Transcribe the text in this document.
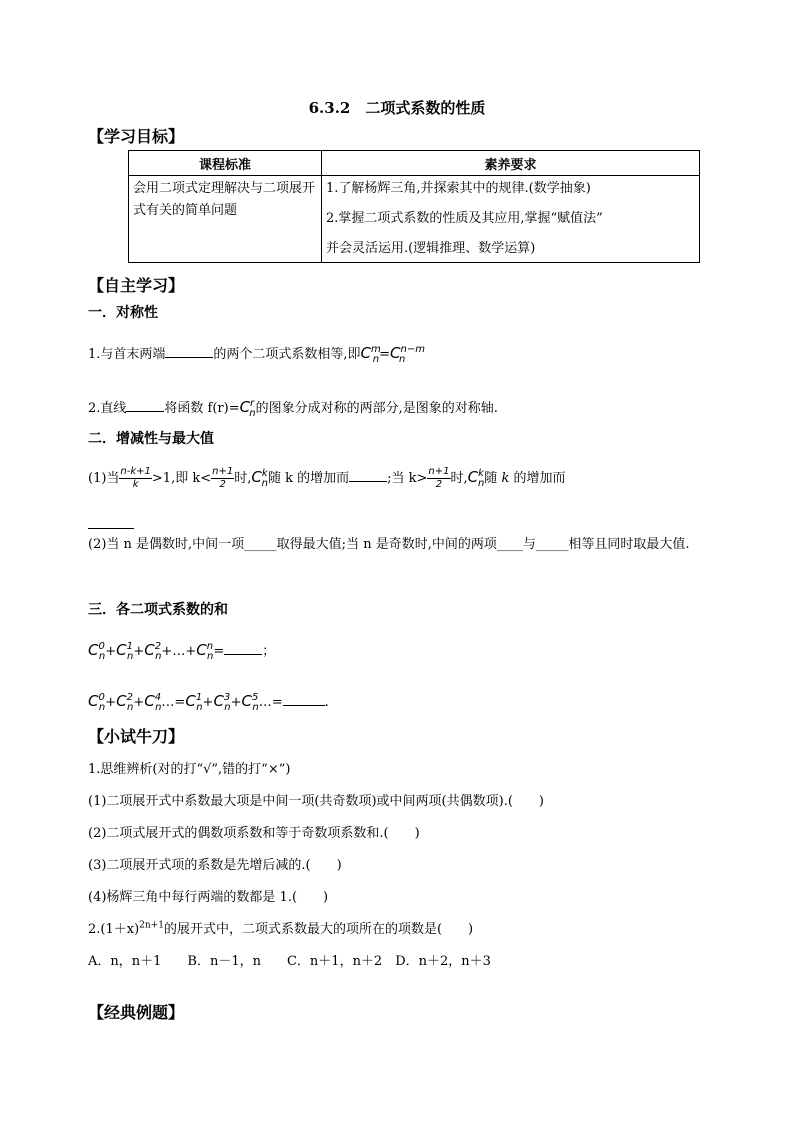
6.3.2　二项式系数的性质
【学习目标】
课程标准	素养要求
会用二项式定理解决与二项展开式有关的简单问题	1.了解杨辉三角,并探索其中的规律.(数学抽象)
2.掌握二项式系数的性质及其应用,掌握“赋值法”
并会灵活运用.(逻辑推理、数学运算)
【自主学习】
一．对称性
1.与首末两端	的两个二项式系数相等,即$C^m_n=C^{n-m}_n$
2.直线	将函数 $f(r)=C^r_n$的图象分成对称的两部分,是图象的对称轴.
二．增减性与最大值
(1)当 $\frac{n-k+1}{k} >1$,即 $k< \frac{n+1}{2}$ 时$,C^k_n$随 k 的增加而	;当 $k> \frac{n+1}{2}$ 时$,C^k_n$随 k 的增加而
(2)当 n 是偶数时,中间一项_____取得最大值;当 n 是奇数时,中间的两项____与_____相等且同时取最大值.
三．各二项式系数的和
$C^0_n+C^1_n+C^2_n+\dots+C^n_n=$	；
$C^0_n+C^2_n+C^4_n\dots=C^1_n+C^3_n+C^5_n\dots=$	.
【小试牛刀】
1.思维辨析(对的打“√”,错的打“×”)
(1)二项展开式中系数最大项是中间一项(共奇数项)或中间两项(共偶数项).(　　)
(2)二项式展开式的偶数项系数和等于奇数项系数和.(　　)
(3)二项展开式项的系数是先增后减的.(　　)
(4)杨辉三角中每行两端的数都是 1.(　　)
$2.(1+x)^{2n+1}$的展开式中，二项式系数最大的项所在的项数是(　　)
A．n，n＋1　　B．n－1，n　　C．n＋1，n＋2　D．n＋2，n＋3
【经典例题】
